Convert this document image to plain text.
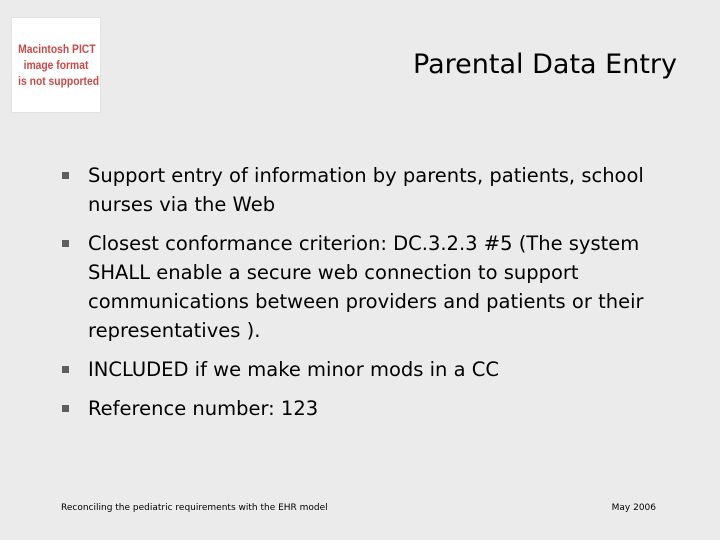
Macintosh PICT
image format
is not supported
Parental Data Entry
Support entry of information by parents, patients, school nurses via the Web
Closest conformance criterion: DC.3.2.3 #5 (The system SHALL enable a secure web connection to support communications between providers and patients or their representatives ).
INCLUDED if we make minor mods in a CC
Reference number: 123
Reconciling the pediatric requirements with the EHR model	May 2006
